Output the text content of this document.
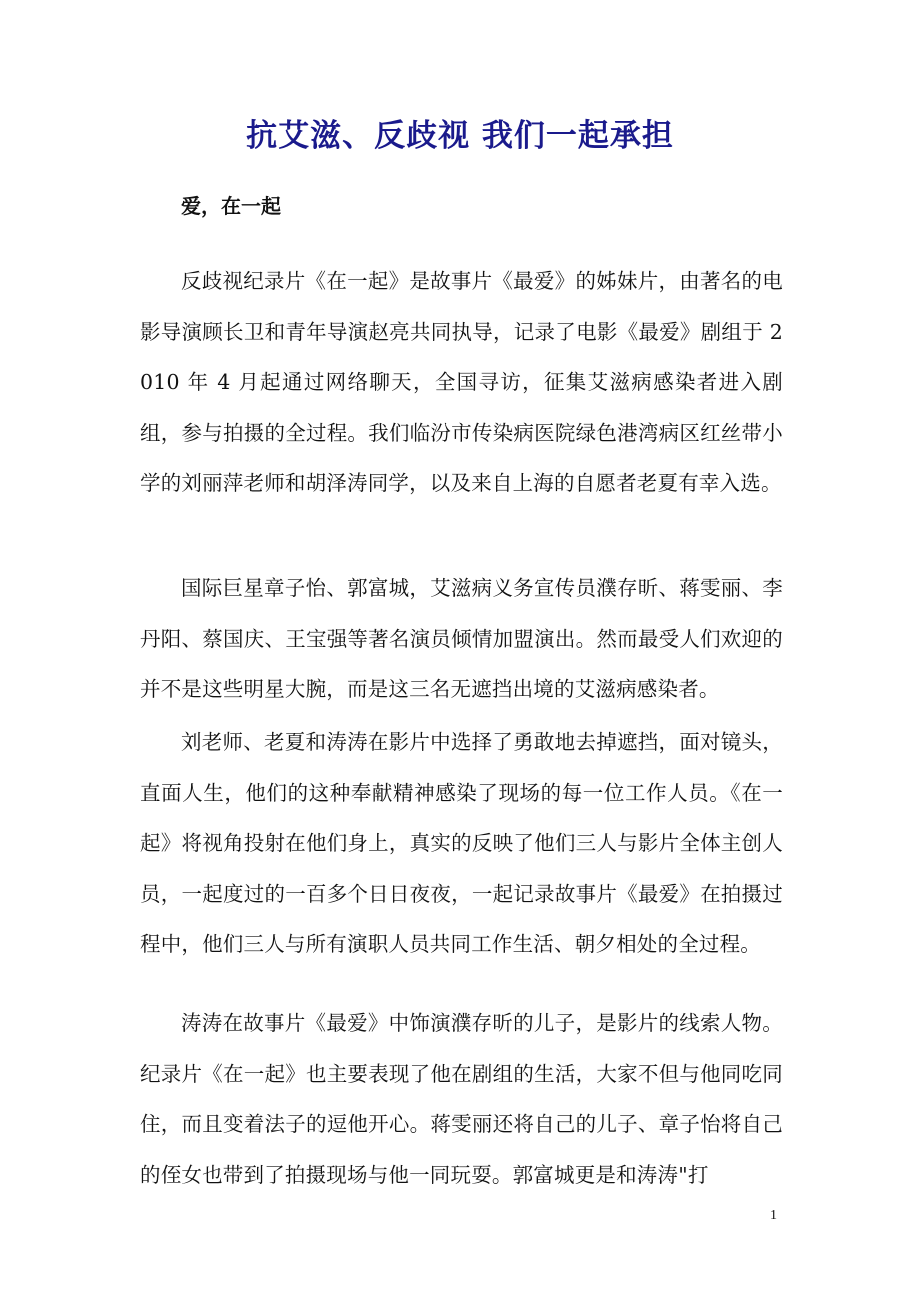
抗艾滋、反歧视 我们一起承担
爱，在一起
反歧视纪录片《在一起》是故事片《最爱》的姊妹片，由著名的电影导演顾长卫和青年导演赵亮共同执导，记录了电影《最爱》剧组于 2010 年 4 月起通过网络聊天，全国寻访，征集艾滋病感染者进入剧组，参与拍摄的全过程。我们临汾市传染病医院绿色港湾病区红丝带小学的刘丽萍老师和胡泽涛同学，以及来自上海的自愿者老夏有幸入选。
国际巨星章子怡、郭富城，艾滋病义务宣传员濮存昕、蒋雯丽、李丹阳、蔡国庆、王宝强等著名演员倾情加盟演出。然而最受人们欢迎的并不是这些明星大腕，而是这三名无遮挡出境的艾滋病感染者。
刘老师、老夏和涛涛在影片中选择了勇敢地去掉遮挡，面对镜头，直面人生，他们的这种奉献精神感染了现场的每一位工作人员。《在一起》将视角投射在他们身上，真实的反映了他们三人与影片全体主创人员，一起度过的一百多个日日夜夜，一起记录故事片《最爱》在拍摄过程中，他们三人与所有演职人员共同工作生活、朝夕相处的全过程。
涛涛在故事片《最爱》中饰演濮存昕的儿子，是影片的线索人物。纪录片《在一起》也主要表现了他在剧组的生活，大家不但与他同吃同住，而且变着法子的逗他开心。蒋雯丽还将自己的儿子、章子怡将自己的侄女也带到了拍摄现场与他一同玩耍。郭富城更是和涛涛"打
1
